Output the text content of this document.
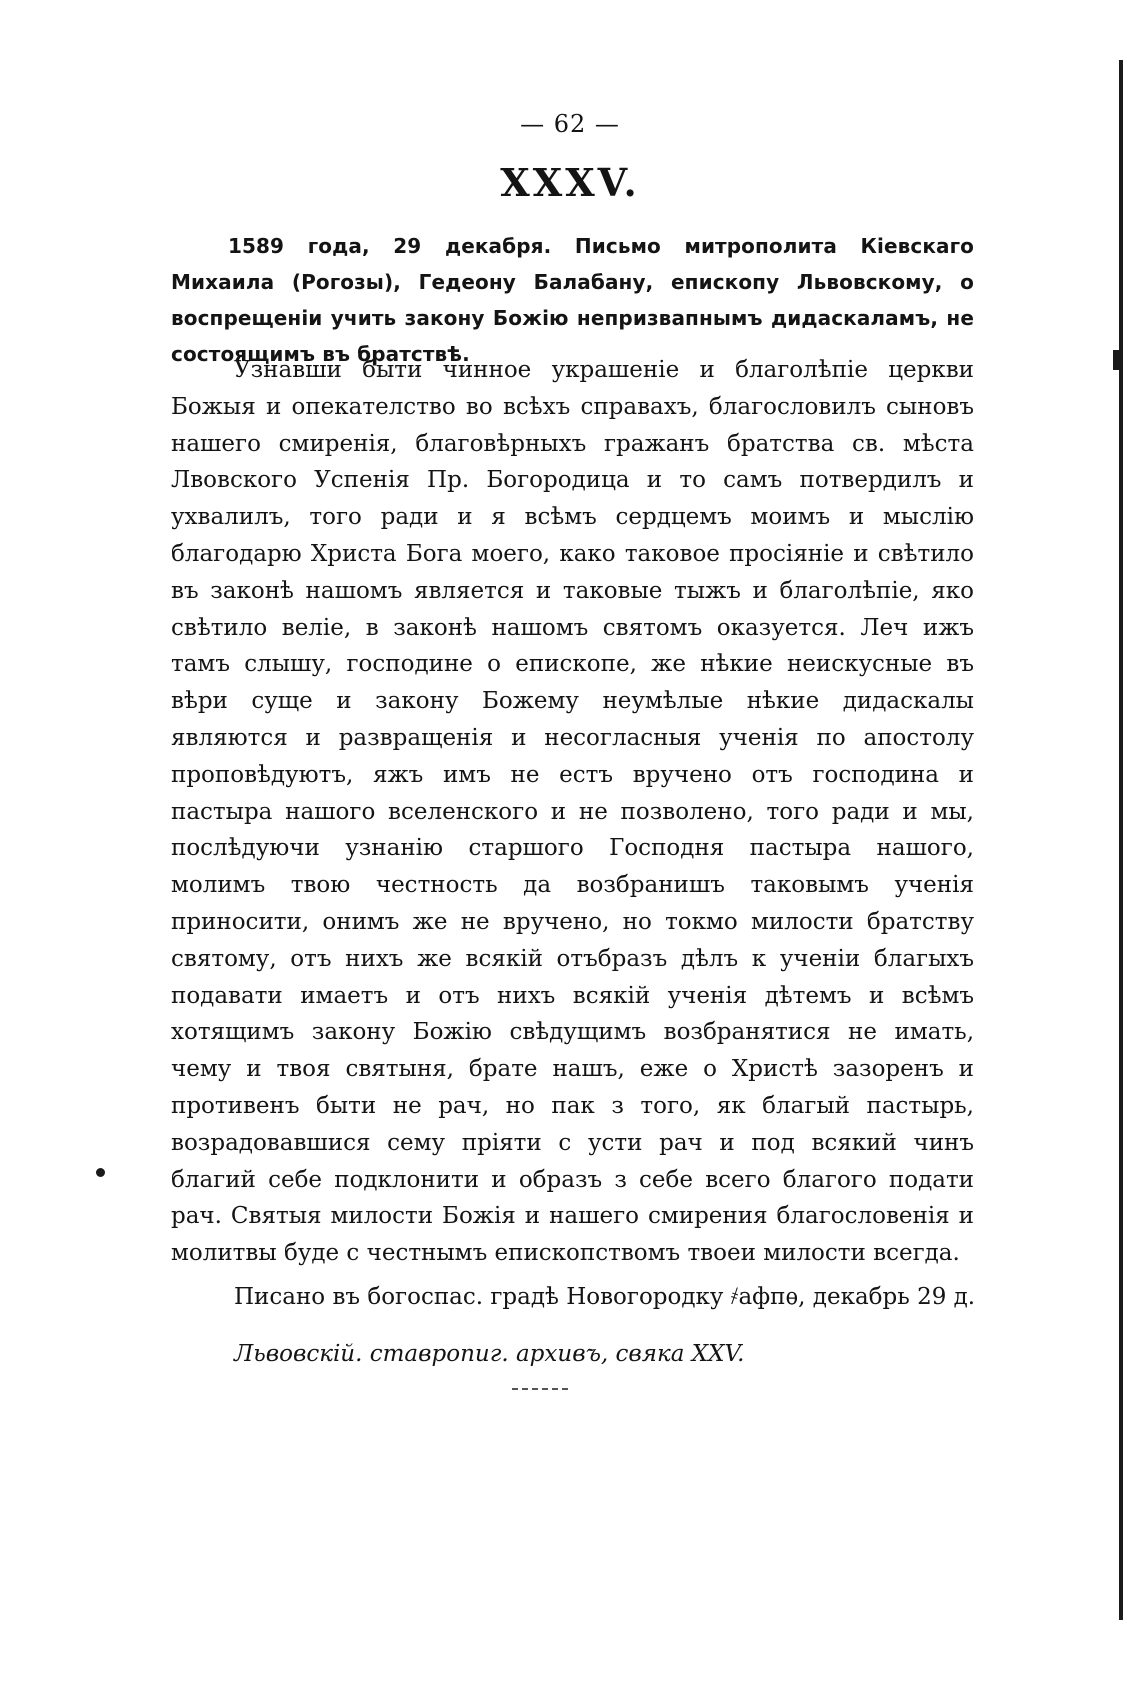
— 62 —
XXXV.
1589 года, 29 декабря. Письмо митрополита Кіевскаго Михаила (Рогозы), Гедеону Балабану, епископу Львовскому, о воспрещеніи учить закону Божію непризвапнымъ дидаскаламъ, не состоящимъ въ братствѣ.
Узнавши быти чинное украшеніе и благолѣпіе церкви Божыя и опекателство во всѣхъ справахъ, благословилъ сыновъ нашего смиренія, благовѣрныхъ гражанъ братства св. мѣста Лвовского Успенія Пр. Богородица и то самъ потвердилъ и ухвалилъ, того ради и я всѣмъ сердцемъ моимъ и мыслію благодарю Христа Бога моего, како таковое просіяніе и свѣтило въ законѣ нашомъ является и таковые тыжъ и благолѣпіе, яко свѣтило веліе, в законѣ нашомъ святомъ оказуется. Леч ижъ тамъ слышу, господине о епископе, же нѣкие неискусные въ вѣри суще и закону Божему неумѣлые нѣкие дидаскалы являются и развращенія и несогласныя ученія по апостолу проповѣдуютъ, яжъ имъ не естъ вручено отъ господина и пастыра нашого вселенского и не позволено, того ради и мы, послѣдуючи узнанію старшого Господня пастыра нашого, молимъ твою честность да возбранишъ таковымъ ученія приносити, онимъ же не вручено, но токмо милости братству святому, отъ нихъ же всякій отъбразъ дѣлъ к ученіи благыхъ подавати имаетъ и отъ нихъ всякій ученія дѣтемъ и всѣмъ хотящимъ закону Божію свѣдущимъ возбранятися не имать, чему и твоя святыня, брате нашъ, еже о Христѣ зазоренъ и противенъ быти не рач, но пак з того, як благый пастырь, возрадовавшися сему пріяти с усти рач и под всякий чинъ благий себе подклонити и образъ з себе всего благого подати рач. Святыя милости Божія и нашего смирения благословенія и молитвы буде с честнымъ епископствомъ твоеи милости всегда.
Писано въ богоспас. градѣ Новогородку ҂афпѳ, декабрь 29 д.
Львовскій. ставропиг. архивъ, свяка XXV.
